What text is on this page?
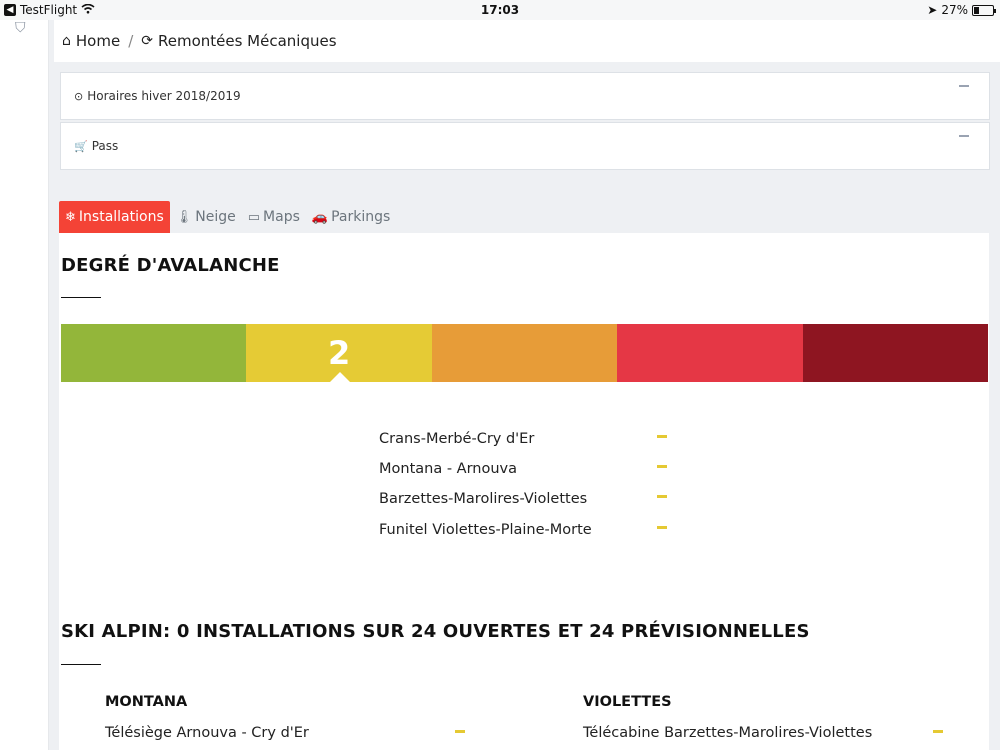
◀ TestFlight	17:03	➤ 27%
⛉
⌂ Home / ⟳ Remontées Mécaniques
⊙ Horaires hiver 2018/2019
🛒 Pass
❄ Installations 🌡 Neige ▭ Maps 🚗 Parkings
DEGRÉ D'AVALANCHE
2
Crans-Merbé-Cry d'Er
Montana - Arnouva
Barzettes-Marolires-Violettes
Funitel Violettes-Plaine-Morte
SKI ALPIN: 0 INSTALLATIONS SUR 24 OUVERTES ET 24 PRÉVISIONNELLES
MONTANA
Télésiège Arnouva - Cry d'Er
VIOLETTES
Télécabine Barzettes-Marolires-Violettes
